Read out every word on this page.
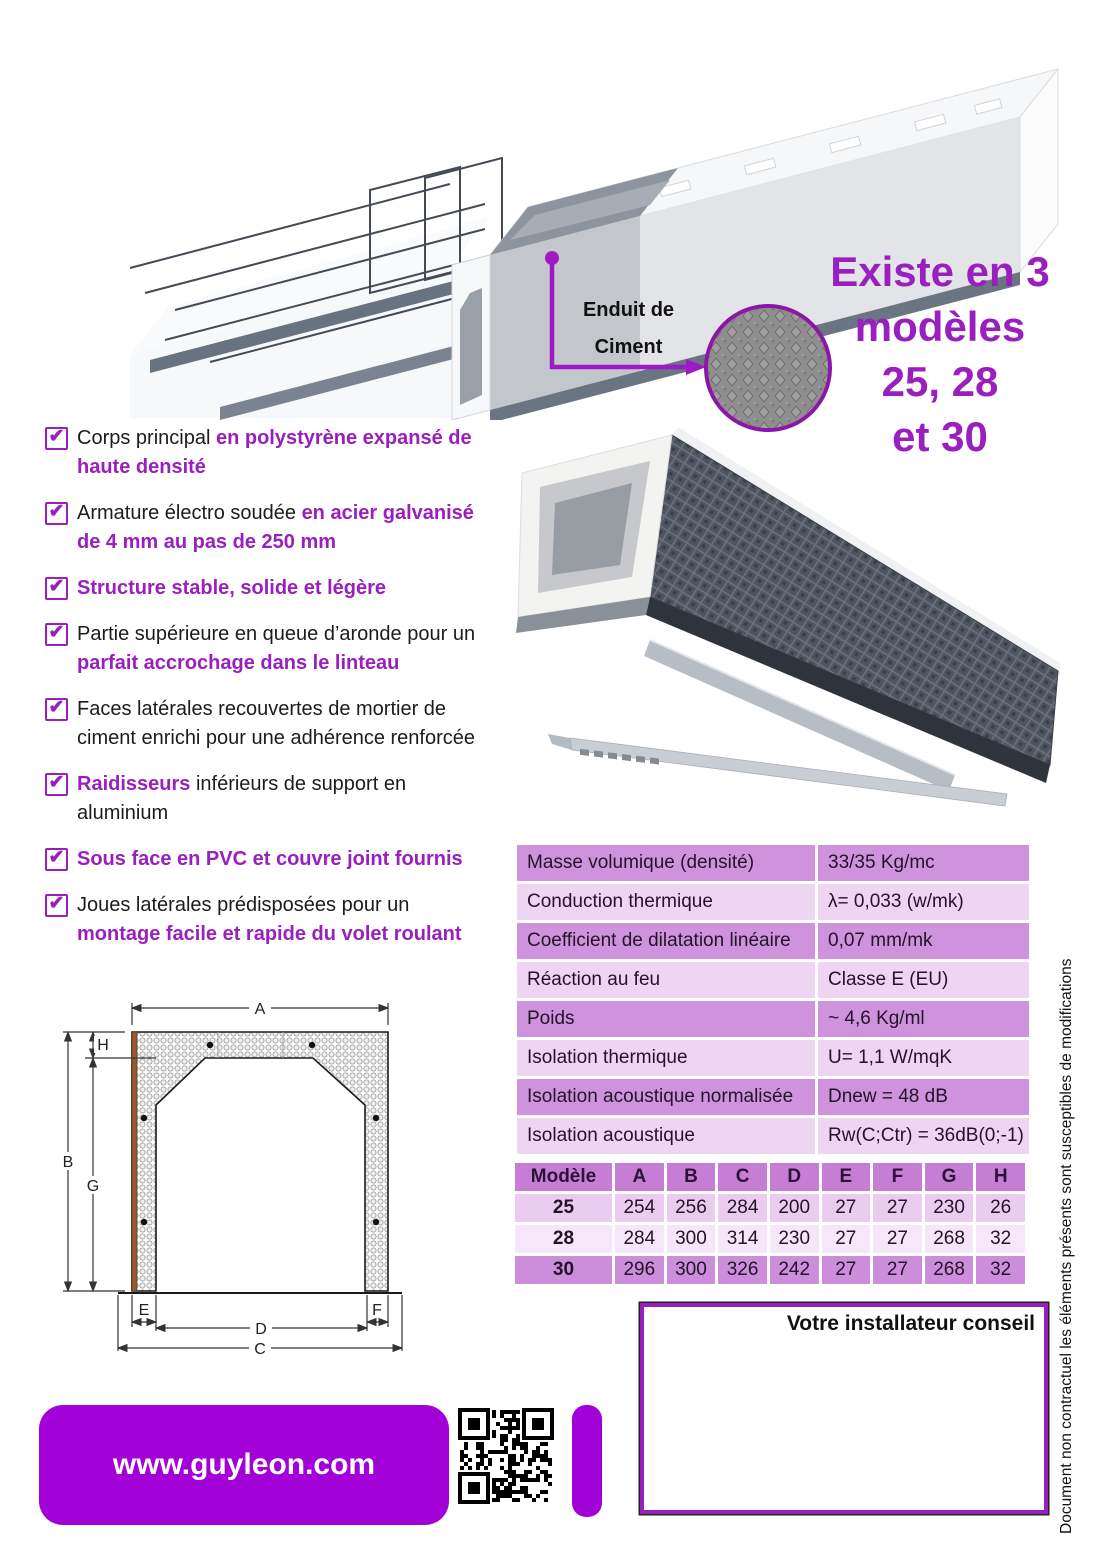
Enduit de
Ciment
Existe en 3
modèles
25, 28
et 30
✔ Corps principal en polystyrène expansé de haute densité
✔ Armature électro soudée en acier galvanisé de 4 mm au pas de 250 mm
✔ Structure stable, solide et légère
✔ Partie supérieure en queue d’aronde pour un parfait accrochage dans le linteau
✔ Faces latérales recouvertes de mortier de ciment enrichi pour une adhérence renforcée
✔ Raidisseurs inférieurs de support en aluminium
✔ Sous face en PVC et couvre joint fournis
✔ Joues latérales prédisposées pour un montage facile et rapide du volet roulant
Masse volumique (densité)	33/35 Kg/mc
Conduction thermique	λ= 0,033 (w/mk)
Coefficient de dilatation linéaire	0,07 mm/mk
Réaction au feu	Classe E (EU)
Poids	~ 4,6 Kg/ml
Isolation thermique	U= 1,1 W/mqK
Isolation acoustique normalisée	Dnew = 48 dB
Isolation acoustique	Rw(C;Ctr) = 36dB(0;-1)
Modèle	A	B	C	D	E	F	G	H
25	254	256	284	200	27	27	230	26
28	284	300	314	230	27	27	268	32
30	296	300	326	242	27	27	268	32
A
B
G
H
E	F
D
C
Votre installateur conseil Document non contractuel les éléments présents sont susceptibles de modifications
www.guyleon.com
